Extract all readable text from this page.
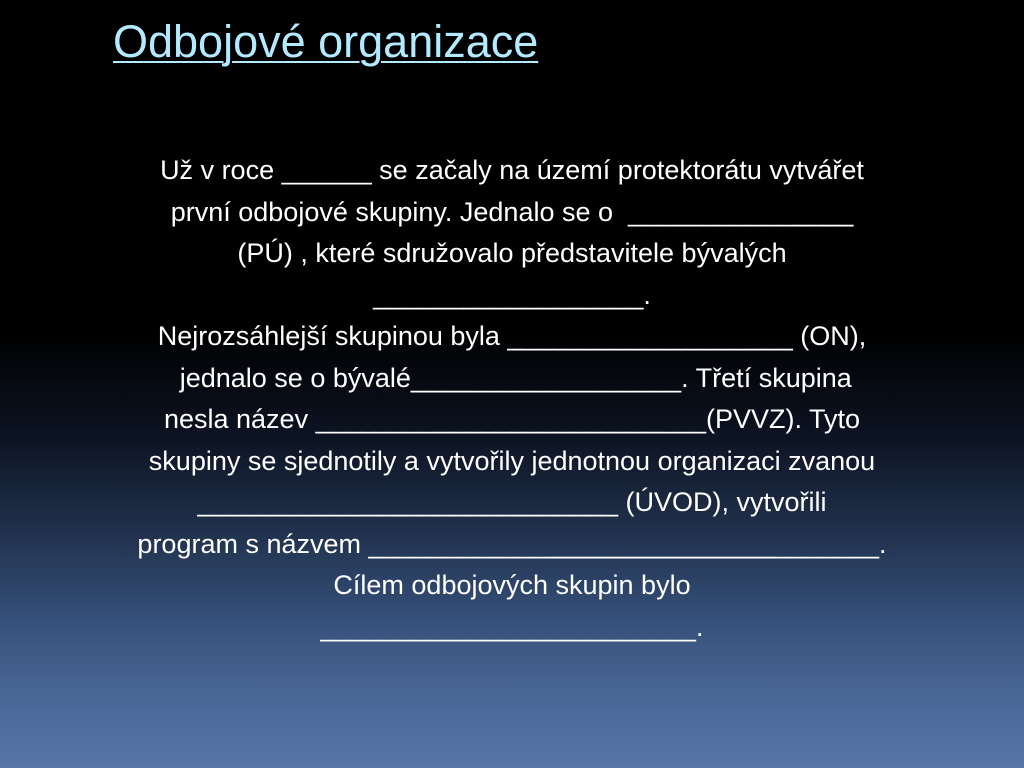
Odbojové organizace
Už v roce ______ se začaly na území protektorátu vytvářet
první odbojové skupiny. Jednalo se o  _______________
(PÚ) , které sdružovalo představitele bývalých
__________________.
Nejrozsáhlejší skupinou byla ___________________ (ON),
jednalo se o bývalé__________________. Třetí skupina
nesla název __________________________(PVVZ). Tyto
skupiny se sjednotily a vytvořily jednotnou organizaci zvanou
____________________________ (ÚVOD), vytvořili
program s názvem __________________________________.
Cílem odbojových skupin bylo
_________________________.
